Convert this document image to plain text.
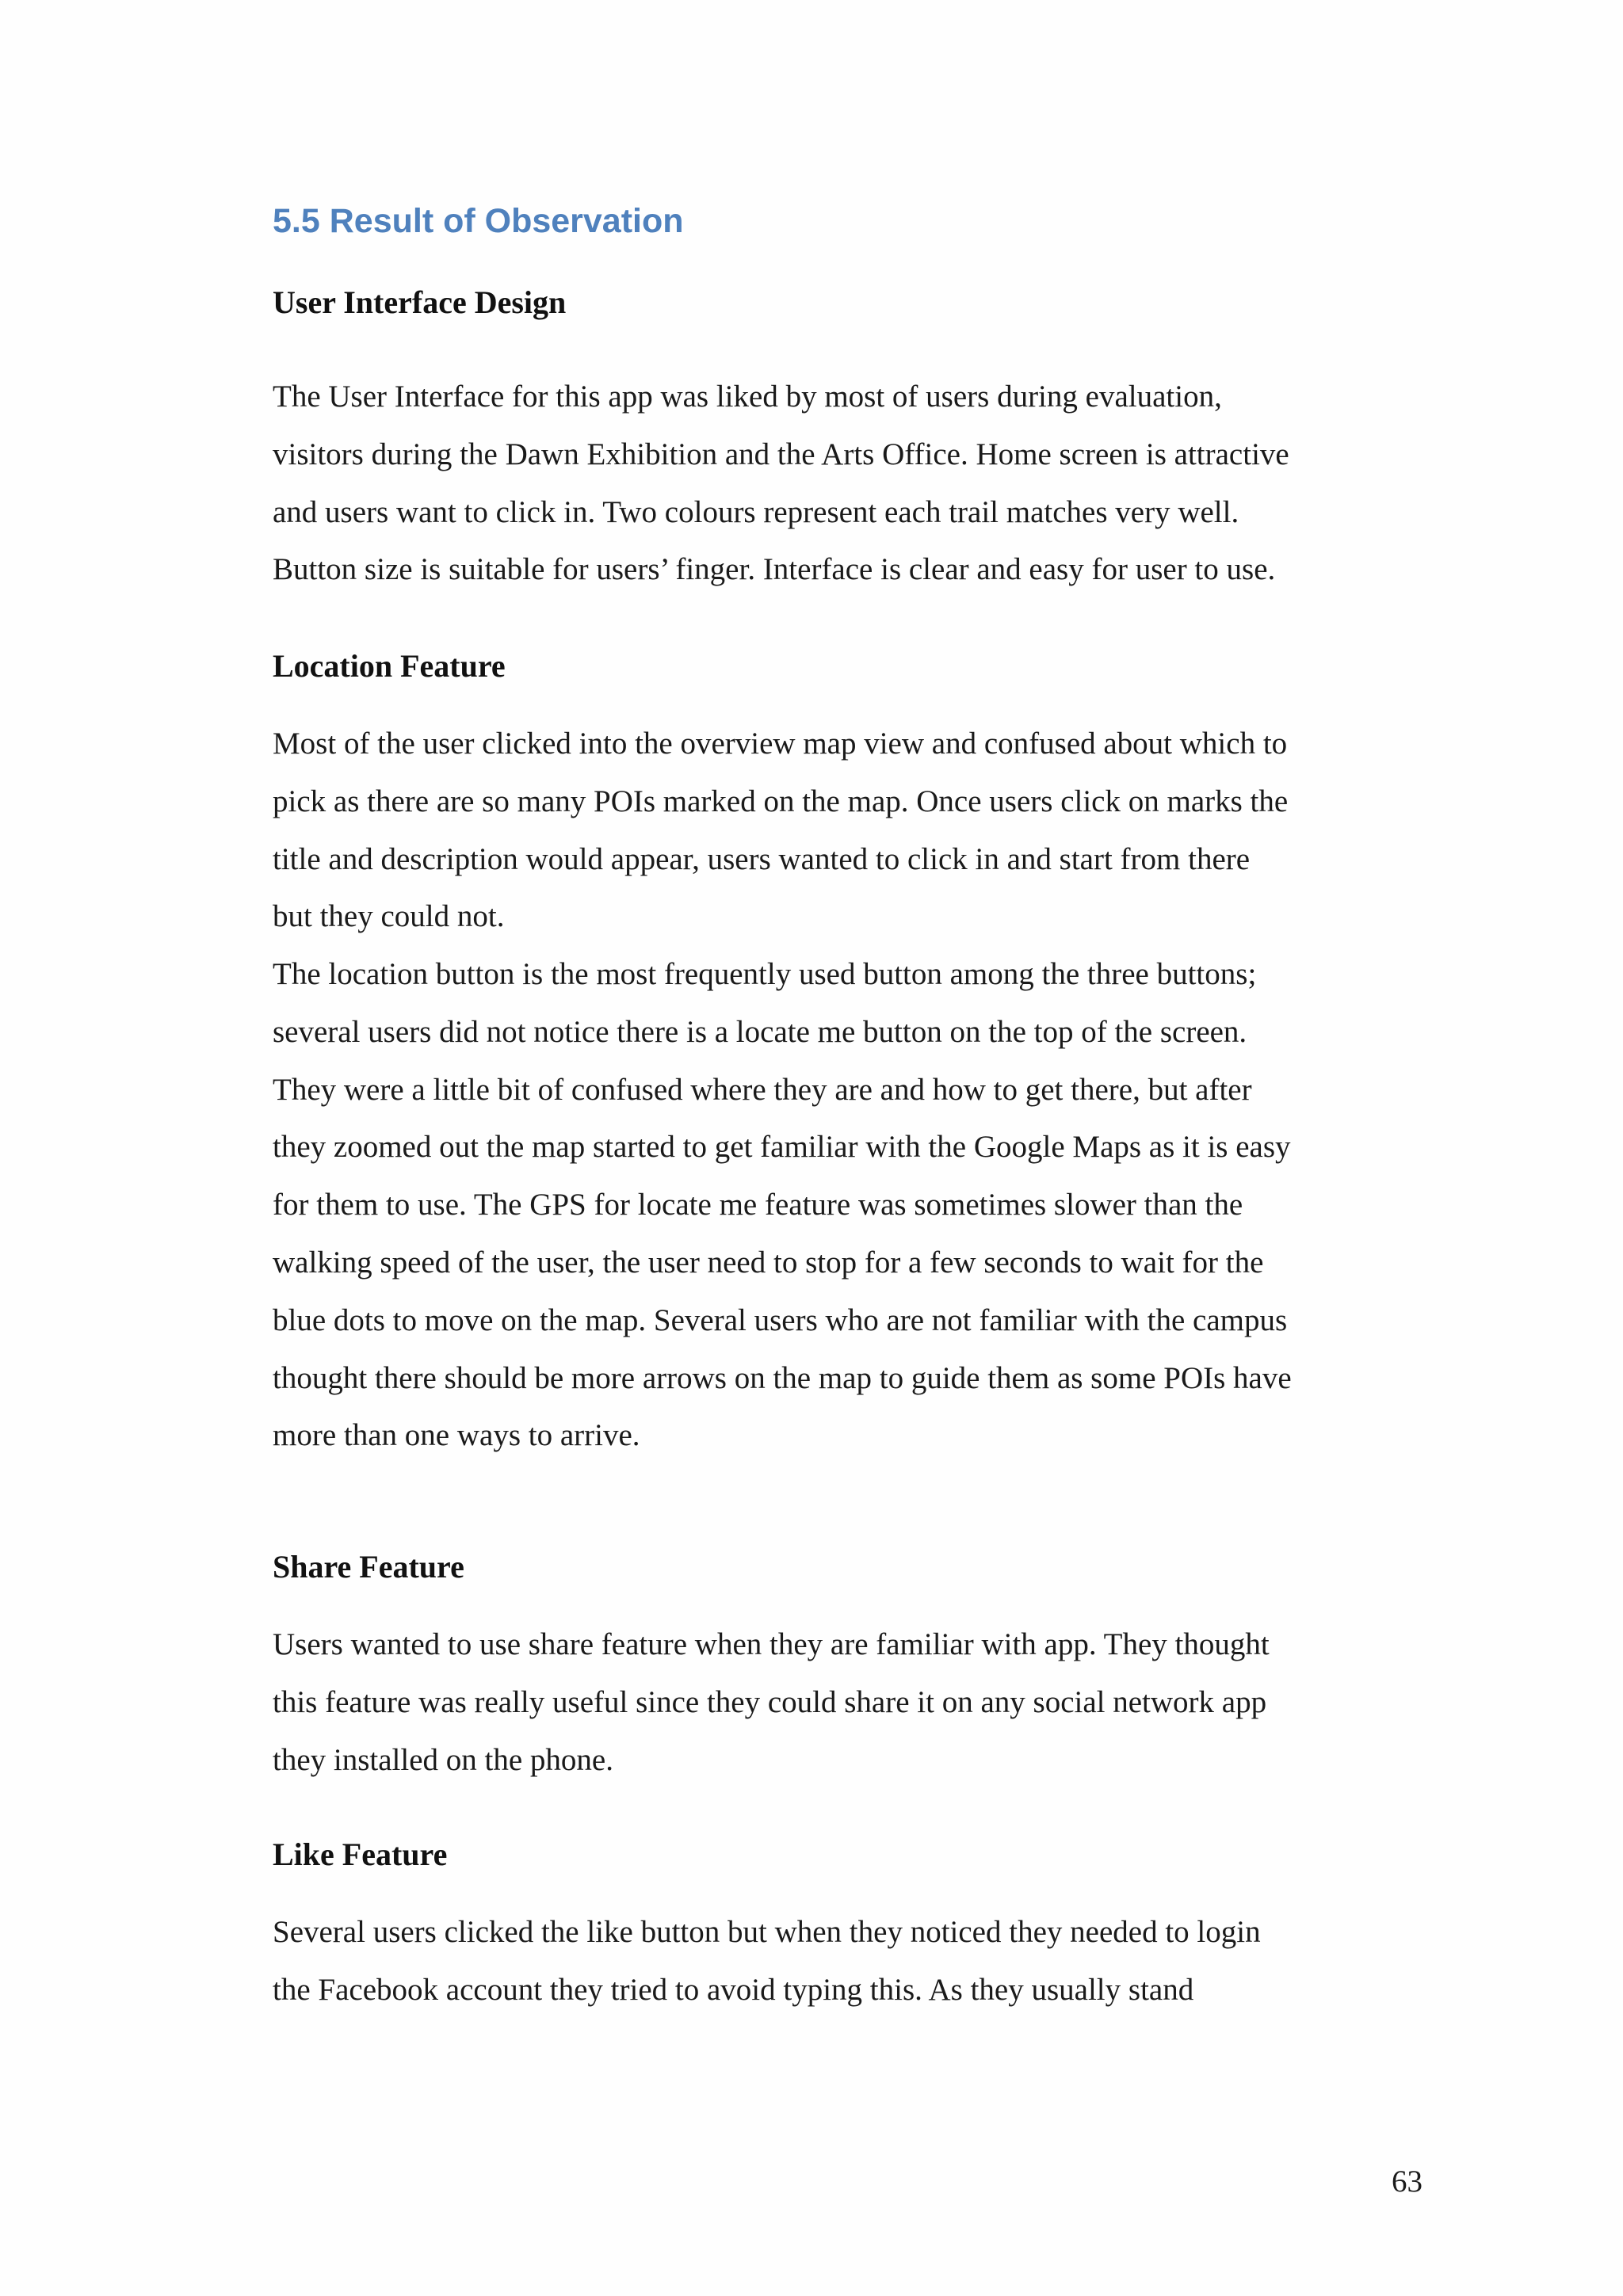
5.5 Result of Observation
User Interface Design

The User Interface for this app was liked by most of users during evaluation,
visitors during the Dawn Exhibition and the Arts Office. Home screen is attractive
and users want to click in. Two colours represent each trail matches very well.
Button size is suitable for users’ finger. Interface is clear and easy for user to use.

Location Feature

Most of the user clicked into the overview map view and confused about which to
pick as there are so many POIs marked on the map. Once users click on marks the
title and description would appear, users wanted to click in and start from there
but they could not.

The location button is the most frequently used button among the three buttons;
several users did not notice there is a locate me button on the top of the screen.
They were a little bit of confused where they are and how to get there, but after
they zoomed out the map started to get familiar with the Google Maps as it is easy
for them to use. The GPS for locate me feature was sometimes slower than the
walking speed of the user, the user need to stop for a few seconds to wait for the
blue dots to move on the map. Several users who are not familiar with the campus
thought there should be more arrows on the map to guide them as some POIs have
more than one ways to arrive.

Share Feature

Users wanted to use share feature when they are familiar with app. They thought
this feature was really useful since they could share it on any social network app
they installed on the phone.

Like Feature

Several users clicked the like button but when they noticed they needed to login
the Facebook account they tried to avoid typing this. As they usually stand

63
